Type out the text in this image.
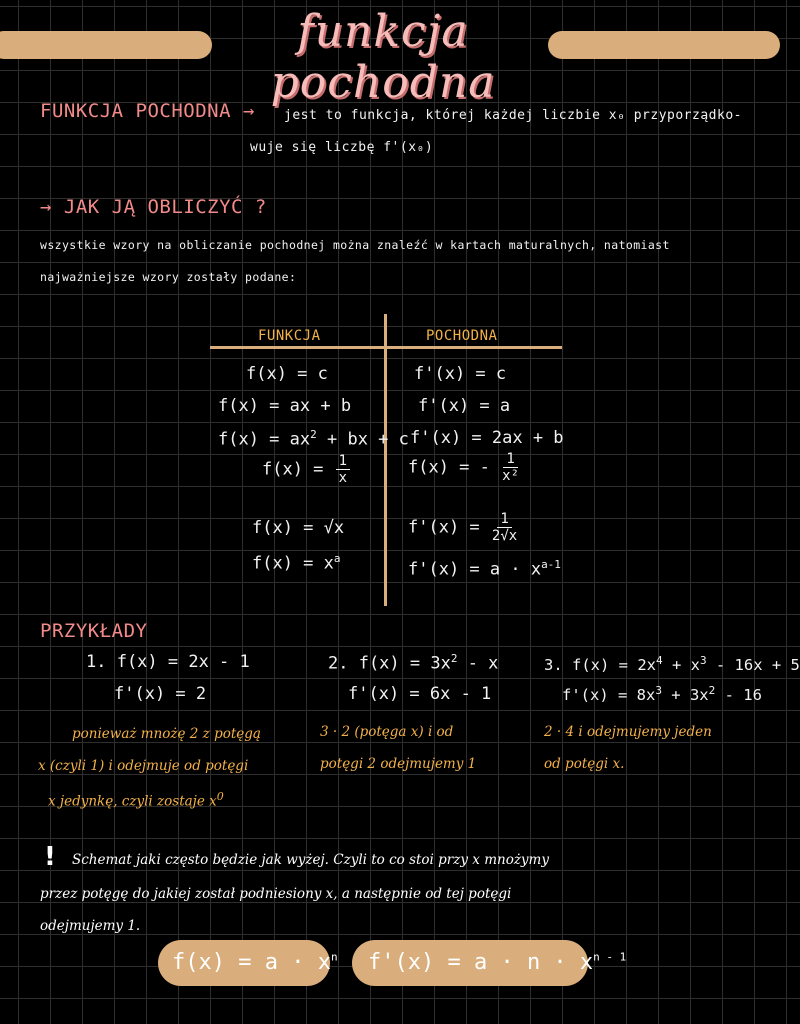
funkcja pochodna
FUNKCJA POCHODNA → jest to funkcja, której każdej liczbie x₀ przyporządko-
wuje się liczbę f'(x₀)
→ JAK JĄ OBLICZYĆ ?
wszystkie wzory na obliczanie pochodnej można znaleźć w kartach maturalnych, natomiast
najważniejsze wzory zostały podane:
FUNKCJA	POCHODNA
f(x) = c
f(x) = ax + b
$f(x) = ax^2$ + bx + c
$f(x) = \frac{1}{x}$
f(x) = √x
$f(x) = x^a$
f'(x) = c
f'(x) = a
f'(x) = 2ax + b
f(x) = - $\frac{1}{\text{x²}}$
$f'(x) = \frac{1}{2√x}$
$f'(x) = a \cdot x^{a-1}$
PRZYKŁADY
1. f(x) = 2x - 1
f'(x) = 2
ponieważ mnożę 2 z potęgą
x (czyli 1) i odejmuje od potęgi
x jedynkę, czyli zostaje $x^0$
2. $f(x) = 3x^2 - x$
f'(x) = 6x - 1
3 · 2 (potęga x) i od
potęgi 2 odejmujemy 1
3. $f(x) = 2x^4 + x^3 - 16x + 5$
$f'(x) = 8x^3 + 3x^2 - 16$
2 · 4 i odejmujemy jeden
od potęgi x.
! Schemat jaki często będzie jak wyżej. Czyli to co stoi przy x mnożymy
przez potęgę do jakiej został podniesiony x, a następnie od tej potęgi
odejmujemy 1.
$f(x) = a \cdot x^n$ $f'(x) = a \cdot n \cdot x^{n - 1}$
